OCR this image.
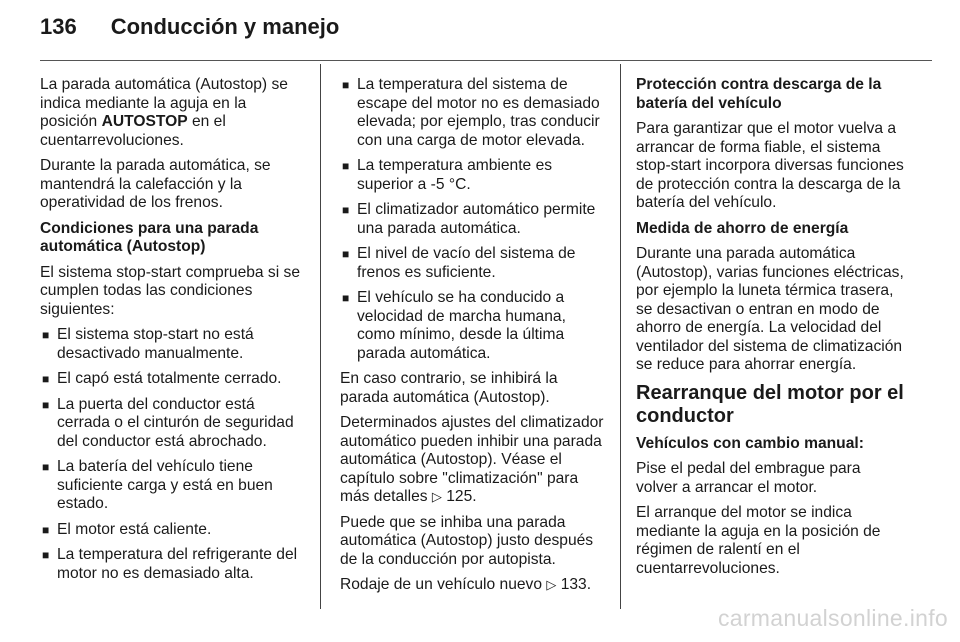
136 Conducción y manejo

La parada automática (Autostop) se indica mediante la aguja en la posición AUTOSTOP en el cuentarrevoluciones.

Durante la parada automática, se mantendrá la calefacción y la operatividad de los frenos.

Condiciones para una parada automática (Autostop)

El sistema stop-start comprueba si se cumplen todas las condiciones siguientes:

■ El sistema stop-start no está desactivado manualmente.
■ El capó está totalmente cerrado.
■ La puerta del conductor está cerrada o el cinturón de seguridad del conductor está abrochado.
■ La batería del vehículo tiene suficiente carga y está en buen estado.
■ El motor está caliente.
■ La temperatura del refrigerante del motor no es demasiado alta.
■ La temperatura del sistema de escape del motor no es demasiado elevada; por ejemplo, tras conducir con una carga de motor elevada.
■ La temperatura ambiente es superior a -5 °C.
■ El climatizador automático permite una parada automática.
■ El nivel de vacío del sistema de frenos es suficiente.
■ El vehículo se ha conducido a velocidad de marcha humana, como mínimo, desde la última parada automática.

En caso contrario, se inhibirá la parada automática (Autostop).

Determinados ajustes del climatizador automático pueden inhibir una parada automática (Autostop). Véase el capítulo sobre "climatización" para más detalles ▷ 125.

Puede que se inhiba una parada automática (Autostop) justo después de la conducción por autopista.

Rodaje de un vehículo nuevo ▷ 133.

Protección contra descarga de la batería del vehículo

Para garantizar que el motor vuelva a arrancar de forma fiable, el sistema stop-start incorpora diversas funciones de protección contra la descarga de la batería del vehículo.

Medida de ahorro de energía

Durante una parada automática (Autostop), varias funciones eléctricas, por ejemplo la luneta térmica trasera, se desactivan o entran en modo de ahorro de energía. La velocidad del ventilador del sistema de climatización se reduce para ahorrar energía.

Rearranque del motor por el conductor

Vehículos con cambio manual:

Pise el pedal del embrague para volver a arrancar el motor.

El arranque del motor se indica mediante la aguja en la posición de régimen de ralentí en el cuentarrevoluciones.

carmanualsonline.info
